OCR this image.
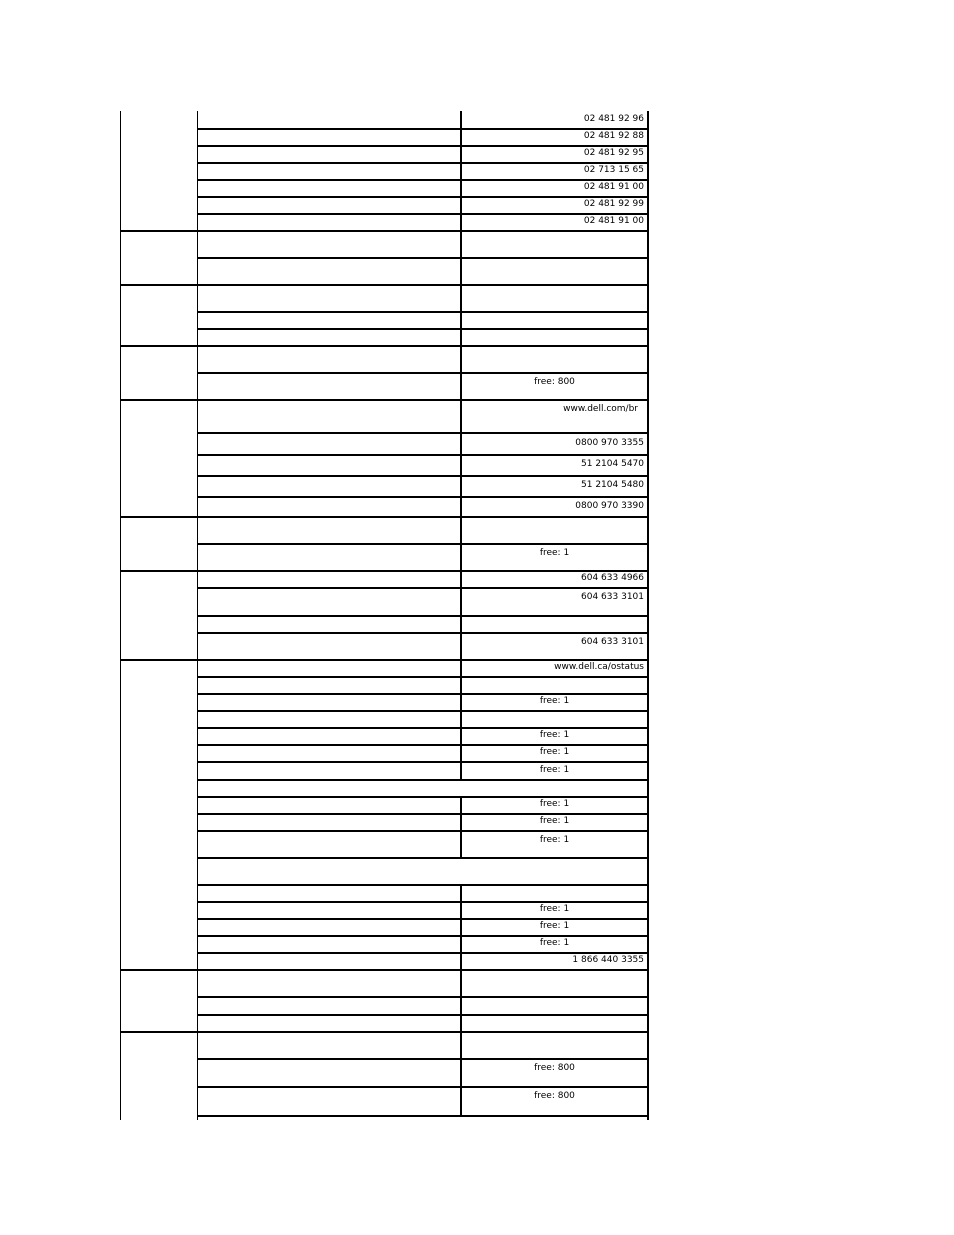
02 481 92 96
02 481 92 88
02 481 92 95
02 713 15 65
02 481 91 00
02 481 92 99
02 481 91 00
free: 800
www.dell.com/br
0800 970 3355
51 2104 5470
51 2104 5480
0800 970 3390
free: 1
604 633 4966
604 633 3101
604 633 3101
www.dell.ca/ostatus
free: 1
free: 1
free: 1
free: 1
free: 1
free: 1
free: 1
free: 1
free: 1
free: 1
1 866 440 3355
free: 800
free: 800
